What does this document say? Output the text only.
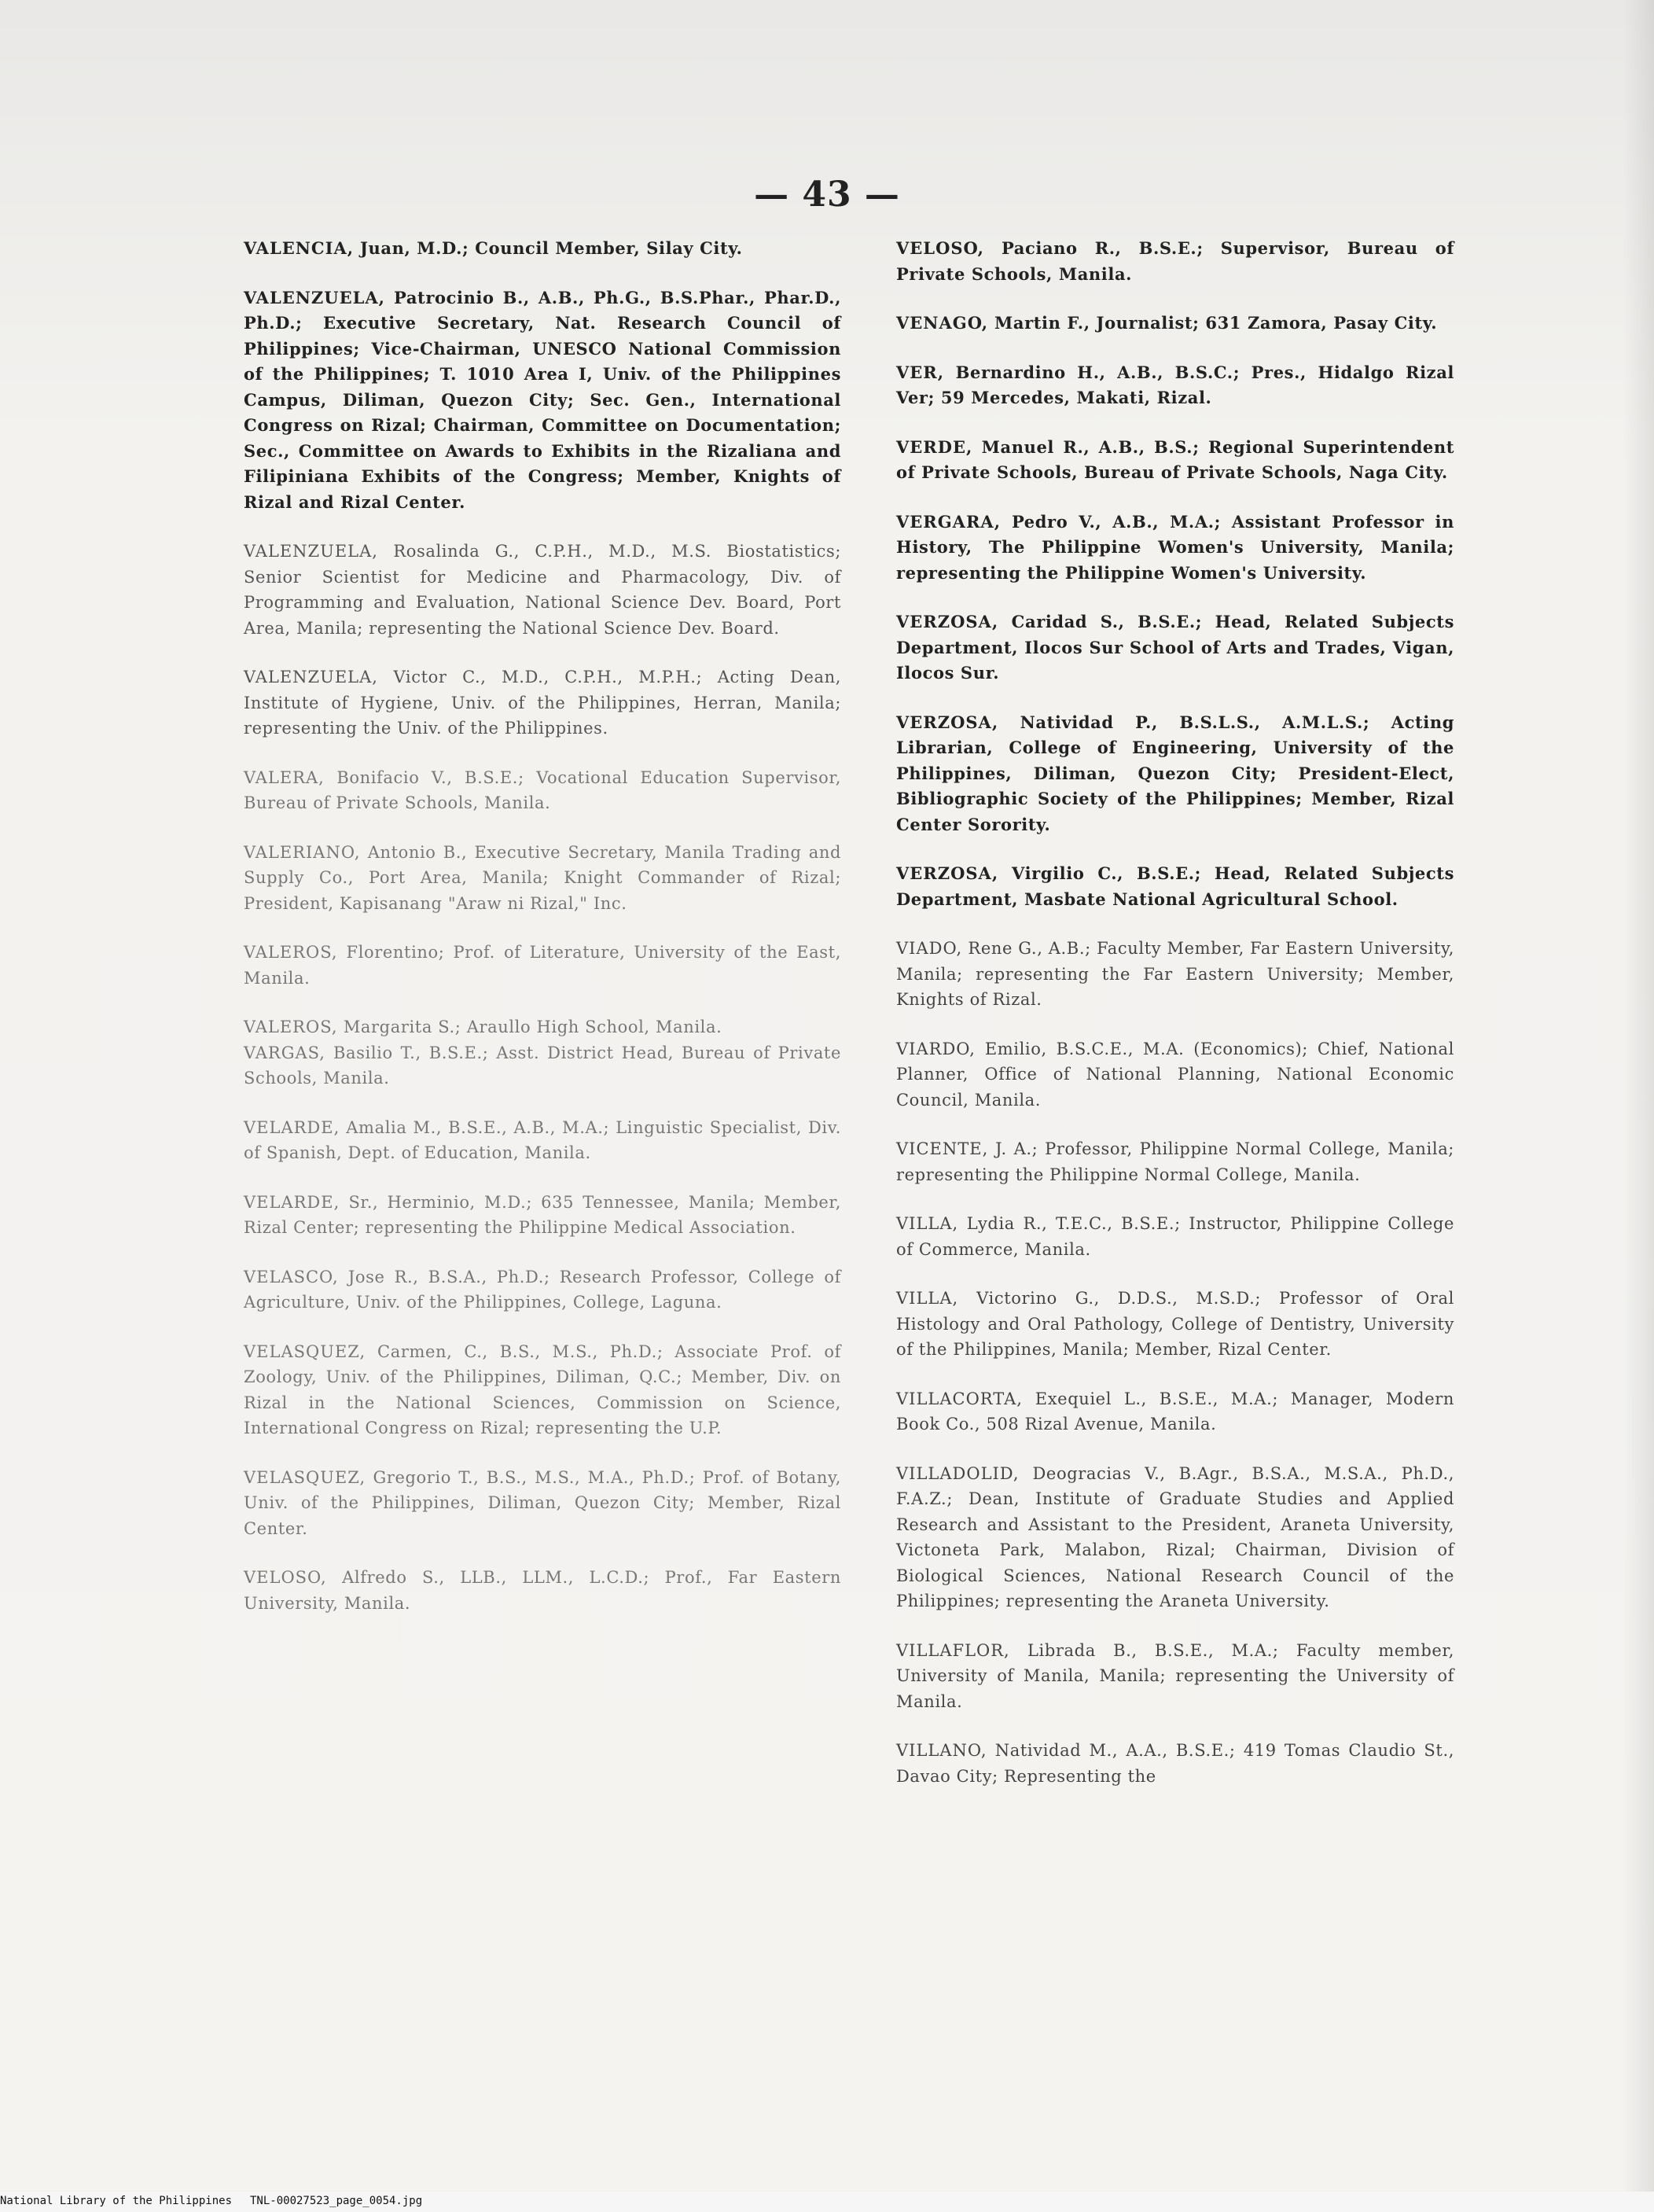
— 43 —

VALENCIA, Juan, M.D.; Council Member, Silay City.

VALENZUELA, Patrocinio B., A.B., Ph.G., B.S.Phar., Phar.D., Ph.D.; Executive Secretary, Nat. Research Council of Philippines; Vice-Chairman, UNESCO National Commission of the Philippines; T. 1010 Area I, Univ. of the Philippines Campus, Diliman, Quezon City; Sec. Gen., International Congress on Rizal; Chairman, Committee on Documentation; Sec., Committee on Awards to Exhibits in the Rizaliana and Filipiniana Exhibits of the Congress; Member, Knights of Rizal and Rizal Center.

VALENZUELA, Rosalinda G., C.P.H., M.D., M.S. Biostatistics; Senior Scientist for Medicine and Pharmacology, Div. of Programming and Evaluation, National Science Dev. Board, Port Area, Manila; representing the National Science Dev. Board.

VALENZUELA, Victor C., M.D., C.P.H., M.P.H.; Acting Dean, Institute of Hygiene, Univ. of the Philippines, Herran, Manila; representing the Univ. of the Philippines.

VALERA, Bonifacio V., B.S.E.; Vocational Education Supervisor, Bureau of Private Schools, Manila.

VALERIANO, Antonio B., Executive Secretary, Manila Trading and Supply Co., Port Area, Manila; Knight Commander of Rizal; President, Kapisanang "Araw ni Rizal," Inc.

VALEROS, Florentino; Prof. of Literature, University of the East, Manila.

VALEROS, Margarita S.; Araullo High School, Manila.

VARGAS, Basilio T., B.S.E.; Asst. District Head, Bureau of Private Schools, Manila.

VELARDE, Amalia M., B.S.E., A.B., M.A.; Linguistic Specialist, Div. of Spanish, Dept. of Education, Manila.

VELARDE, Sr., Herminio, M.D.; 635 Tennessee, Manila; Member, Rizal Center; representing the Philippine Medical Association.

VELASCO, Jose R., B.S.A., Ph.D.; Research Professor, College of Agriculture, Univ. of the Philippines, College, Laguna.

VELASQUEZ, Carmen, C., B.S., M.S., Ph.D.; Associate Prof. of Zoology, Univ. of the Philippines, Diliman, Q.C.; Member, Div. on Rizal in the National Sciences, Commission on Science, International Congress on Rizal; representing the U.P.

VELASQUEZ, Gregorio T., B.S., M.S., M.A., Ph.D.; Prof. of Botany, Univ. of the Philippines, Diliman, Quezon City; Member, Rizal Center.

VELOSO, Alfredo S., LLB., LLM., L.C.D.; Prof., Far Eastern University, Manila.

VELOSO, Paciano R., B.S.E.; Supervisor, Bureau of Private Schools, Manila.

VENAGO, Martin F., Journalist; 631 Zamora, Pasay City.

VER, Bernardino H., A.B., B.S.C.; Pres., Hidalgo Rizal Ver; 59 Mercedes, Makati, Rizal.

VERDE, Manuel R., A.B., B.S.; Regional Superintendent of Private Schools, Bureau of Private Schools, Naga City.

VERGARA, Pedro V., A.B., M.A.; Assistant Professor in History, The Philippine Women's University, Manila; representing the Philippine Women's University.

VERZOSA, Caridad S., B.S.E.; Head, Related Subjects Department, Ilocos Sur School of Arts and Trades, Vigan, Ilocos Sur.

VERZOSA, Natividad P., B.S.L.S., A.M.L.S.; Acting Librarian, College of Engineering, University of the Philippines, Diliman, Quezon City; President-Elect, Bibliographic Society of the Philippines; Member, Rizal Center Sorority.

VERZOSA, Virgilio C., B.S.E.; Head, Related Subjects Department, Masbate National Agricultural School.

VIADO, Rene G., A.B.; Faculty Member, Far Eastern University, Manila; representing the Far Eastern University; Member, Knights of Rizal.

VIARDO, Emilio, B.S.C.E., M.A. (Economics); Chief, National Planner, Office of National Planning, National Economic Council, Manila.

VICENTE, J. A.; Professor, Philippine Normal College, Manila; representing the Philippine Normal College, Manila.

VILLA, Lydia R., T.E.C., B.S.E.; Instructor, Philippine College of Commerce, Manila.

VILLA, Victorino G., D.D.S., M.S.D.; Professor of Oral Histology and Oral Pathology, College of Dentistry, University of the Philippines, Manila; Member, Rizal Center.

VILLACORTA, Exequiel L., B.S.E., M.A.; Manager, Modern Book Co., 508 Rizal Avenue, Manila.

VILLADOLID, Deogracias V., B.Agr., B.S.A., M.S.A., Ph.D., F.A.Z.; Dean, Institute of Graduate Studies and Applied Research and Assistant to the President, Araneta University, Victoneta Park, Malabon, Rizal; Chairman, Division of Biological Sciences, National Research Council of the Philippines; representing the Araneta University.

VILLAFLOR, Librada B., B.S.E., M.A.; Faculty member, University of Manila, Manila; representing the University of Manila.

VILLANO, Natividad M., A.A., B.S.E.; 419 Tomas Claudio St., Davao City; Representing the

National Library of the Philippines TNL-00027523_page_0054.jpg
